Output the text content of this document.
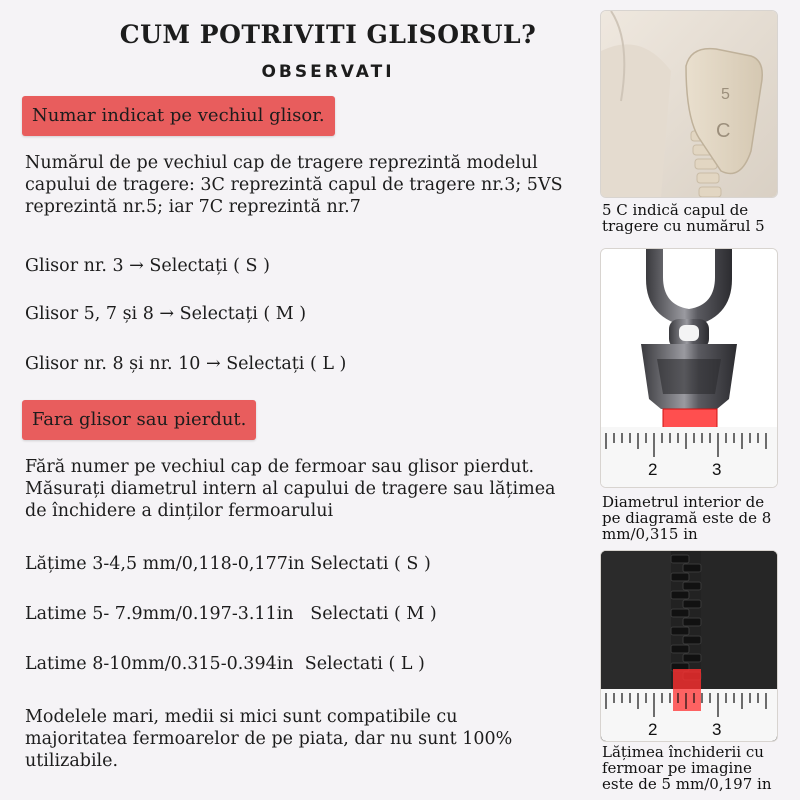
CUM POTRIVITI GLISORUL?
OBSERVATI
Numar indicat pe vechiul glisor.

Numărul de pe vechiul cap de tragere reprezintă modelul
capului de tragere: 3C reprezintă capul de tragere nr.3; 5VS
reprezintă nr.5; iar 7C reprezintă nr.7

Glisor nr. 3 → Selectați ( S )

Glisor 5, 7 și 8 → Selectați ( M )

Glisor nr. 8 și nr. 10 → Selectați ( L )

Fara glisor sau pierdut.

Fără numer pe vechiul cap de fermoar sau glisor pierdut.
Măsurați diametrul intern al capului de tragere sau lățimea
de închidere a dinților fermoarului

Lățime 3-4,5 mm/0,118-0,177in Selectati ( S )

Latime 5- 7.9mm/0.197-3.11in   Selectati ( M )

Latime 8-10mm/0.315-0.394in  Selectati ( L )

Modelele mari, medii si mici sunt compatibile cu
majoritatea fermoarelor de pe piata, dar nu sunt 100%
utilizabile.

5
C
5 C indică capul de
tragere cu numărul 5
2	3
Diametrul interior de
pe diagramă este de 8
mm/0,315 in
2	3
Lățimea închiderii cu
fermoar pe imagine
este de 5 mm/0,197 in
